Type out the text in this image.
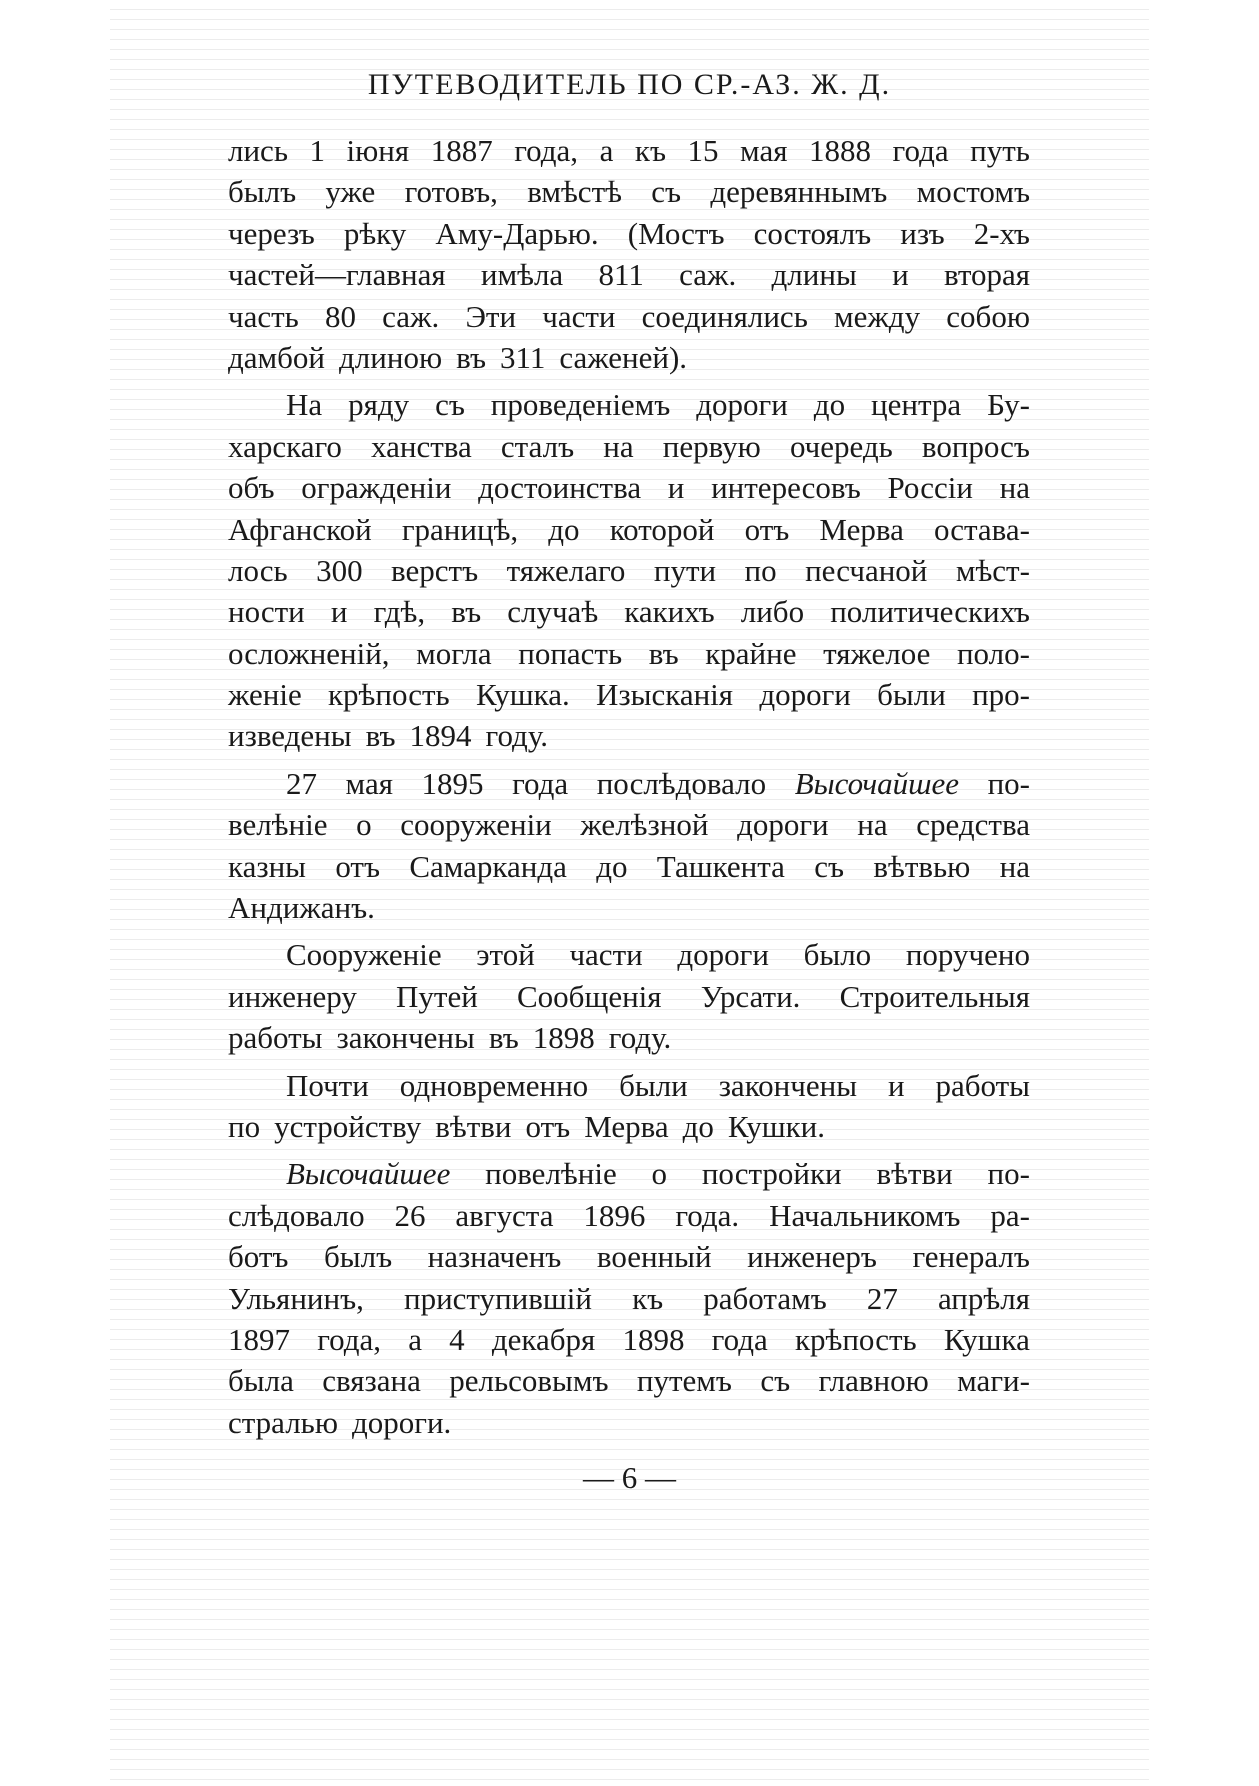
ПУТЕВОДИТЕЛЬ ПО СР.-АЗ. Ж. Д.
лись 1 іюня 1887 года, а къ 15 мая 1888 года путь
былъ уже готовъ, вмѣстѣ съ деревяннымъ мостомъ
черезъ рѣку Аму-Дарью. (Мостъ состоялъ изъ 2-хъ
частей—главная имѣла 811 саж. длины и вторая
часть 80 саж. Эти части соединялись между собою
дамбой длиною въ 311 саженей).
На ряду съ проведеніемъ дороги до центра Бу-
харскаго ханства сталъ на первую очередь вопросъ
объ огражденіи достоинства и интересовъ Россіи на
Афганской границѣ, до которой отъ Мерва остава-
лось 300 верстъ тяжелаго пути по песчаной мѣст-
ности и гдѣ, въ случаѣ какихъ либо политическихъ
осложненій, могла попасть въ крайне тяжелое поло-
женіе крѣпость Кушка. Изысканія дороги были про-
изведены въ 1894 году.
27 мая 1895 года послѣдовало Высочайшее по-
велѣніе о сооруженіи желѣзной дороги на средства
казны отъ Самарканда до Ташкента съ вѣтвью на
Андижанъ.
Сооруженіе этой части дороги было поручено
инженеру Путей Сообщенія Урсати. Строительныя
работы закончены въ 1898 году.
Почти одновременно были закончены и работы
по устройству вѣтви отъ Мерва до Кушки.
Высочайшее повелѣніе о постройки вѣтви по-
слѣдовало 26 августа 1896 года. Начальникомъ ра-
ботъ былъ назначенъ военный инженеръ генералъ
Ульянинъ, приступившій къ работамъ 27 апрѣля
1897 года, а 4 декабря 1898 года крѣпость Кушка
была связана рельсовымъ путемъ съ главною маги-
стралью дороги.
— 6 —
